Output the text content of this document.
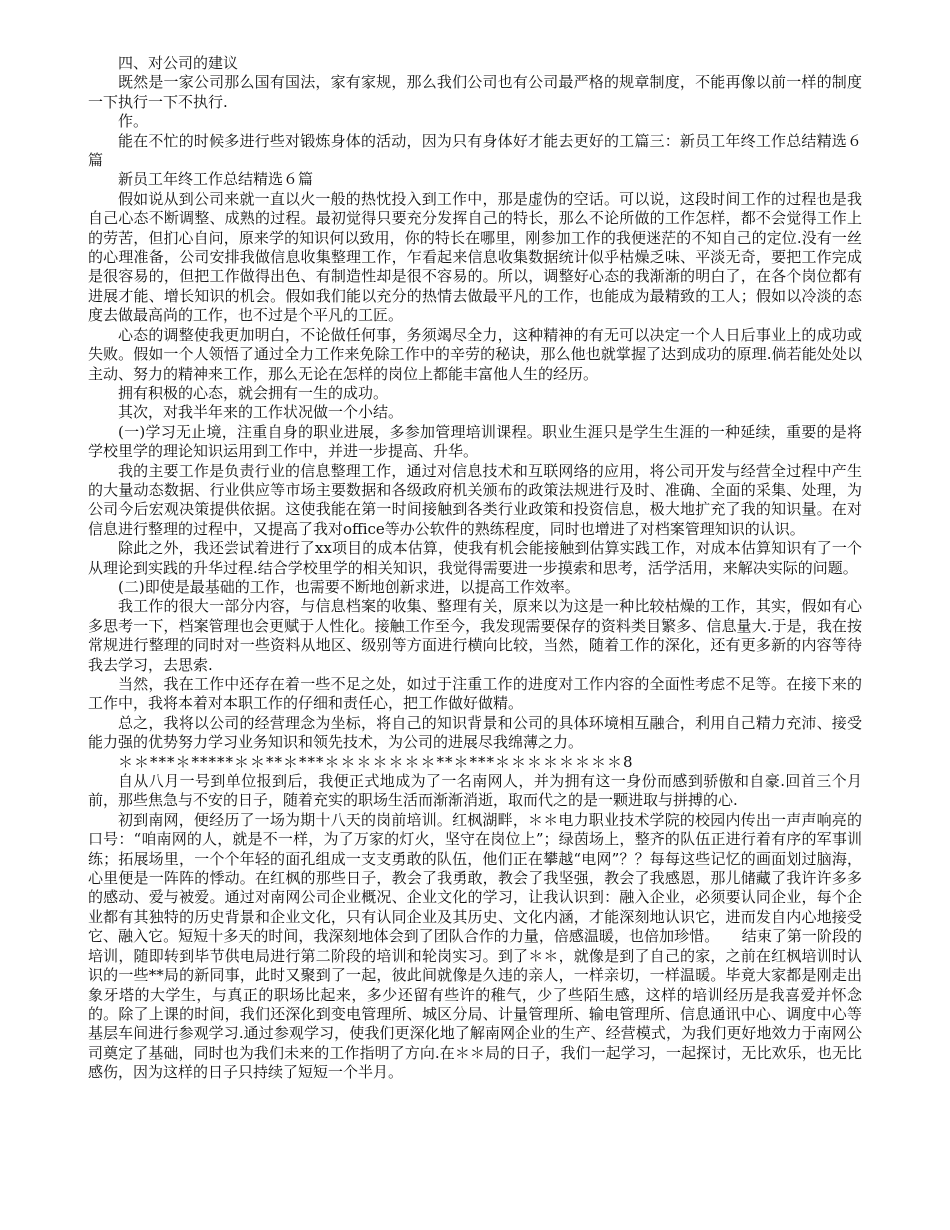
四、对公司的建议

既然是一家公司那么国有国法，家有家规，那么我们公司也有公司最严格的规章制度，不能再像以前一样的制度一下执行一下不执行.

作。

能在不忙的时候多进行些对锻炼身体的活动，因为只有身体好才能去更好的工篇三：新员工年终工作总结精选６篇

新员工年终工作总结精选６篇

假如说从到公司来就一直以火一般的热忱投入到工作中，那是虚伪的空话。可以说，这段时间工作的过程也是我自己心态不断调整、成熟的过程。最初觉得只要充分发挥自己的特长，那么不论所做的工作怎样，都不会觉得工作上的劳苦，但扪心自问，原来学的知识何以致用，你的特长在哪里，刚参加工作的我便迷茫的不知自己的定位.没有一丝的心理准备，公司安排我做信息收集整理工作，乍看起来信息收集数据统计似乎枯燥乏味、平淡无奇，要把工作完成是很容易的，但把工作做得出色、有制造性却是很不容易的。所以，调整好心态的我渐渐的明白了，在各个岗位都有进展才能、增长知识的机会。假如我们能以充分的热情去做最平凡的工作，也能成为最精致的工人；假如以冷淡的态度去做最高尚的工作，也不过是个平凡的工匠。

心态的调整使我更加明白，不论做任何事，务须竭尽全力，这种精神的有无可以决定一个人日后事业上的成功或失败。假如一个人领悟了通过全力工作来免除工作中的辛劳的秘诀，那么他也就掌握了达到成功的原理.倘若能处处以主动、努力的精神来工作，那么无论在怎样的岗位上都能丰富他人生的经历。

拥有积极的心态，就会拥有一生的成功。

其次，对我半年来的工作状况做一个小结。

(一)学习无止境，注重自身的职业进展，多参加管理培训课程。职业生涯只是学生生涯的一种延续，重要的是将学校里学的理论知识运用到工作中，并进一步提高、升华。

我的主要工作是负责行业的信息整理工作，通过对信息技术和互联网络的应用，将公司开发与经营全过程中产生的大量动态数据、行业供应等市场主要数据和各级政府机关颁布的政策法规进行及时、准确、全面的采集、处理，为公司今后宏观决策提供依据。这使我能在第一时间接触到各类行业政策和投资信息，极大地扩充了我的知识量。在对信息进行整理的过程中，又提高了我对office等办公软件的熟练程度，同时也增进了对档案管理知识的认识。

除此之外，我还尝试着进行了xx项目的成本估算，使我有机会能接触到估算实践工作，对成本估算知识有了一个从理论到实践的升华过程.结合学校里学的相关知识，我觉得需要进一步摸索和思考，活学活用，来解决实际的问题。

(二)即使是最基础的工作，也需要不断地创新求进，以提高工作效率。

我工作的很大一部分内容，与信息档案的收集、整理有关，原来以为这是一种比较枯燥的工作，其实，假如有心多思考一下，档案管理也会更赋于人性化。接触工作至今，我发现需要保存的资料类目繁多、信息量大.于是，我在按常规进行整理的同时对一些资料从地区、级别等方面进行横向比较，当然，随着工作的深化，还有更多新的内容等待我去学习，去思索.

当然，我在工作中还存在着一些不足之处，如过于注重工作的进度对工作内容的全面性考虑不足等。在接下来的工作中，我将本着对本职工作的仔细和责任心，把工作做好做精。

总之，我将以公司的经营理念为坐标，将自己的知识背景和公司的具体环境相互融合，利用自己精力充沛、接受能力强的优势努力学习业务知识和领先技术，为公司的进展尽我绵薄之力。

＊＊***＊*****＊＊**＊***＊＊＊＊＊＊＊**＊***＊＊＊＊＊＊＊＊8

自从八月一号到单位报到后，我便正式地成为了一名南网人，并为拥有这一身份而感到骄傲和自豪.回首三个月前，那些焦急与不安的日子，随着充实的职场生活而渐渐消逝，取而代之的是一颗进取与拼搏的心.

初到南网，便经历了一场为期十八天的岗前培训。红枫湖畔，＊＊电力职业技术学院的校园内传出一声声响亮的口号：“咱南网的人，就是不一样，为了万家的灯火，坚守在岗位上”；绿茵场上，整齐的队伍正进行着有序的军事训练；拓展场里，一个个年轻的面孔组成一支支勇敢的队伍，他们正在攀越“电网”？？每每这些记忆的画面划过脑海，心里便是一阵阵的悸动。在红枫的那些日子，教会了我勇敢，教会了我坚强，教会了我感恩，那儿储藏了我许许多多的感动、爱与被爱。通过对南网公司企业概况、企业文化的学习，让我认识到：融入企业，必须要认同企业，每个企业都有其独特的历史背景和企业文化，只有认同企业及其历史、文化内涵，才能深刻地认识它，进而发自内心地接受它、融入它。短短十多天的时间，我深刻地体会到了团队合作的力量，倍感温暖，也倍加珍惜。　　结束了第一阶段的培训，随即转到毕节供电局进行第二阶段的培训和轮岗实习。到了＊＊，就像是到了自己的家，之前在红枫培训时认识的一些**局的新同事，此时又聚到了一起，彼此间就像是久违的亲人，一样亲切，一样温暖。毕竟大家都是刚走出象牙塔的大学生，与真正的职场比起来，多少还留有些许的稚气，少了些陌生感，这样的培训经历是我喜爱并怀念的。除了上课的时间，我们还深化到变电管理所、城区分局、计量管理所、输电管理所、信息通讯中心、调度中心等基层车间进行参观学习.通过参观学习，使我们更深化地了解南网企业的生产、经营模式，为我们更好地效力于南网公司奠定了基础，同时也为我们未来的工作指明了方向.在＊＊局的日子，我们一起学习，一起探讨，无比欢乐，也无比感伤，因为这样的日子只持续了短短一个半月。
